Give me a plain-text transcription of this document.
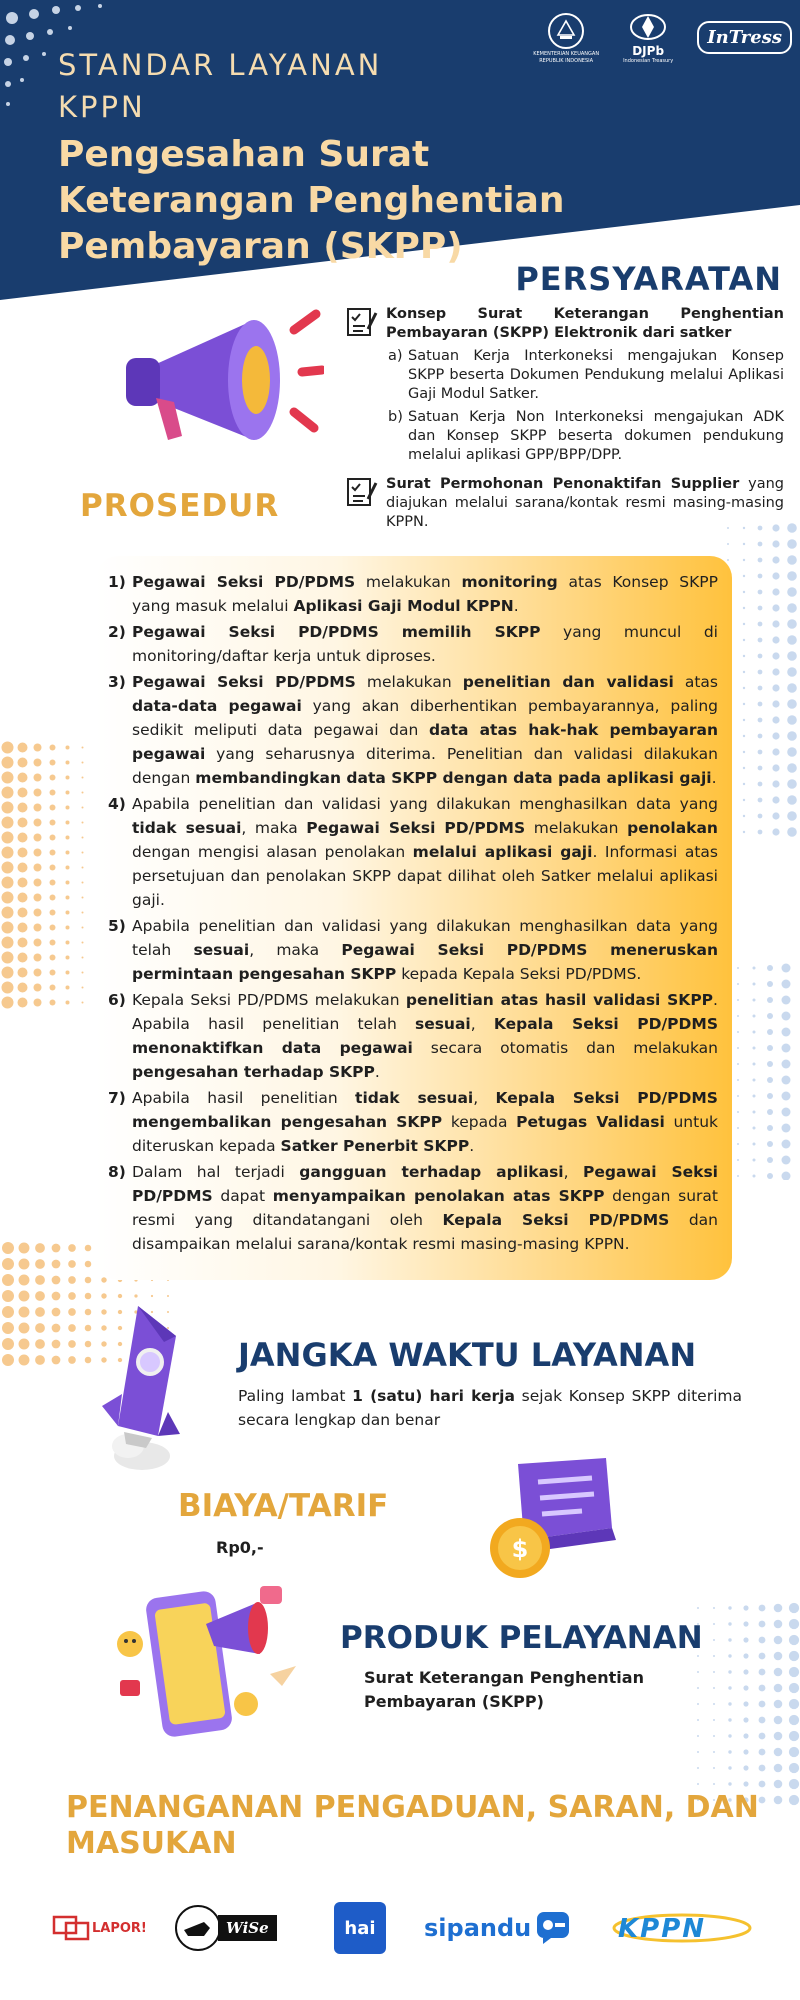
KEMENTERIAN KEUANGAN
REPUBLIK INDONESIA
DJPb
Indonesian Treasury
InTress
STANDAR LAYANAN
KPPN
Pengesahan Surat Keterangan Penghentian Pembayaran (SKPP)
PERSYARATAN
Konsep Surat Keterangan Penghentian Pembayaran (SKPP) Elektronik dari satker
a) Satuan Kerja Interkoneksi mengajukan Konsep SKPP beserta Dokumen Pendukung melalui Aplikasi Gaji Modul Satker.
b) Satuan Kerja Non Interkoneksi mengajukan ADK dan Konsep SKPP beserta dokumen pendukung melalui aplikasi GPP/BPP/DPP.
Surat Permohonan Penonaktifan Supplier yang diajukan melalui sarana/kontak resmi masing-masing KPPN.
PROSEDUR
1) Pegawai Seksi PD/PDMS melakukan monitoring atas Konsep SKPP yang masuk melalui Aplikasi Gaji Modul KPPN.
2) Pegawai Seksi PD/PDMS memilih SKPP yang muncul di monitoring/daftar kerja untuk diproses.
3) Pegawai Seksi PD/PDMS melakukan penelitian dan validasi atas data-data pegawai yang akan diberhentikan pembayarannya, paling sedikit meliputi data pegawai dan data atas hak-hak pembayaran pegawai yang seharusnya diterima. Penelitian dan validasi dilakukan dengan membandingkan data SKPP dengan data pada aplikasi gaji.
4) Apabila penelitian dan validasi yang dilakukan menghasilkan data yang tidak sesuai, maka Pegawai Seksi PD/PDMS melakukan penolakan dengan mengisi alasan penolakan melalui aplikasi gaji. Informasi atas persetujuan dan penolakan SKPP dapat dilihat oleh Satker melalui aplikasi gaji.
5) Apabila penelitian dan validasi yang dilakukan menghasilkan data yang telah sesuai, maka Pegawai Seksi PD/PDMS meneruskan permintaan pengesahan SKPP kepada Kepala Seksi PD/PDMS.
6) Kepala Seksi PD/PDMS melakukan penelitian atas hasil validasi SKPP. Apabila hasil penelitian telah sesuai, Kepala Seksi PD/PDMS menonaktifkan data pegawai secara otomatis dan melakukan pengesahan terhadap SKPP.
7) Apabila hasil penelitian tidak sesuai, Kepala Seksi PD/PDMS mengembalikan pengesahan SKPP kepada Petugas Validasi untuk diteruskan kepada Satker Penerbit SKPP.
8) Dalam hal terjadi gangguan terhadap aplikasi, Pegawai Seksi PD/PDMS dapat menyampaikan penolakan atas SKPP dengan surat resmi yang ditandatangani oleh Kepala Seksi PD/PDMS dan disampaikan melalui sarana/kontak resmi masing-masing KPPN.
JANGKA WAKTU LAYANAN
Paling lambat 1 (satu) hari kerja sejak Konsep SKPP diterima secara lengkap dan benar
BIAYA/TARIF
Rp0,-	$
PRODUK PELAYANAN
Surat Keterangan Penghentian Pembayaran (SKPP)
PENANGANAN PENGADUAN, SARAN, DAN MASUKAN
LAPOR!	WiSe	hai	sipandu	KPPN
